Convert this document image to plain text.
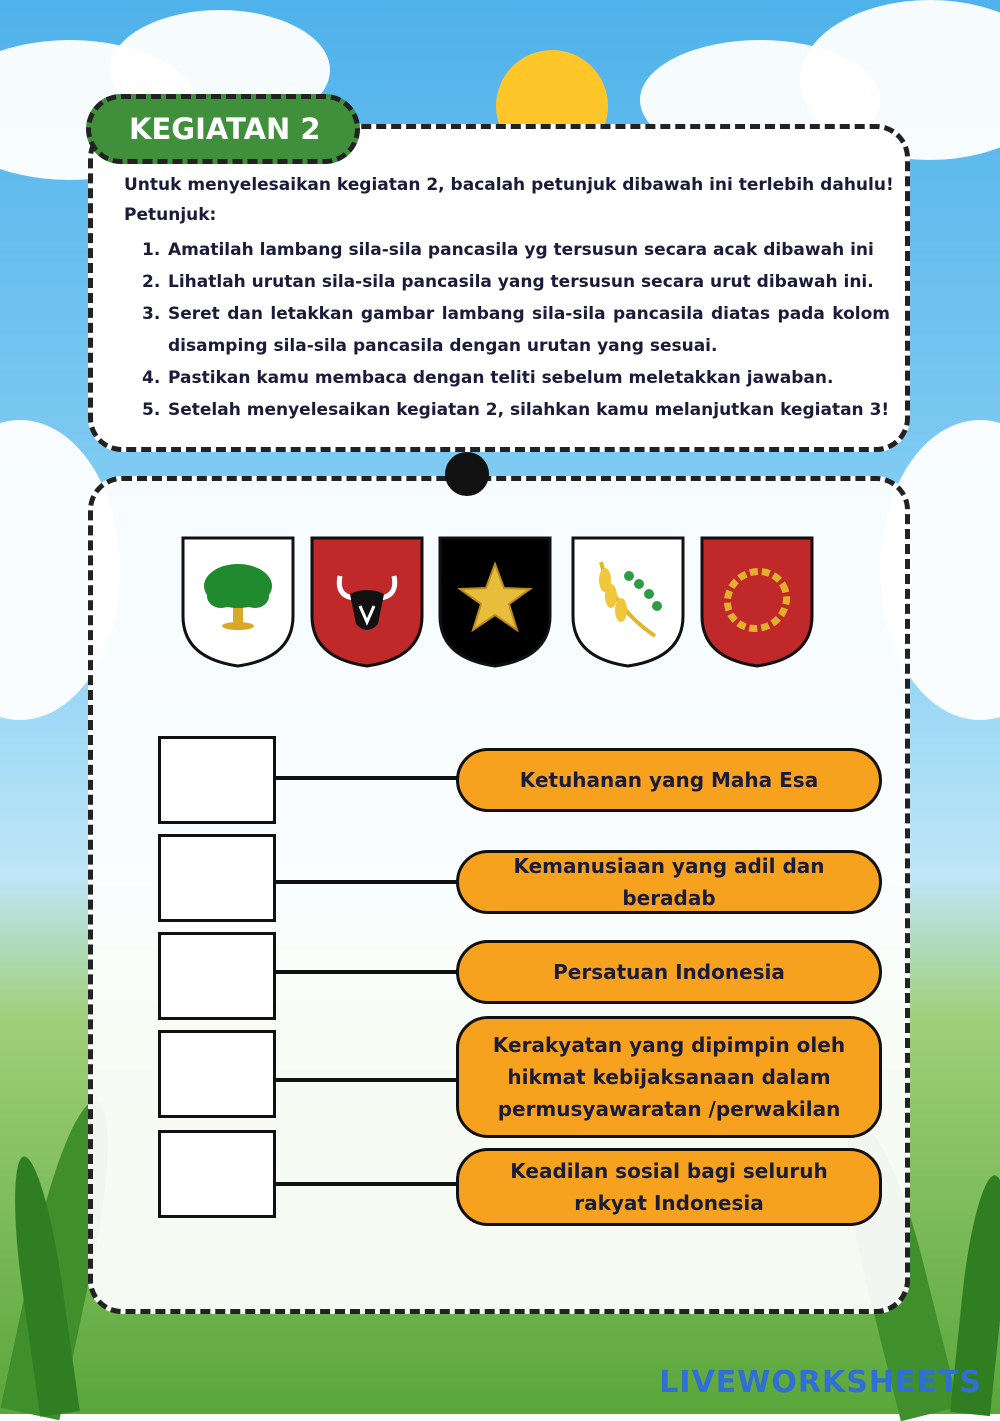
KEGIATAN 2

Untuk menyelesaikan kegiatan 2, bacalah petunjuk dibawah ini terlebih dahulu!

Petunjuk:

1. Amatilah lambang sila-sila pancasila yg tersusun secara acak dibawah ini
2. Lihatlah urutan sila-sila pancasila yang tersusun secara urut dibawah ini.
3. Seret dan letakkan gambar lambang sila-sila pancasila diatas pada kolom disamping sila-sila pancasila dengan urutan yang sesuai.
4. Pastikan kamu membaca dengan teliti sebelum meletakkan jawaban.
5. Setelah menyelesaikan kegiatan 2, silahkan kamu melanjutkan kegiatan 3!
Ketuhanan yang Maha Esa
Kemanusiaan yang adil dan beradab
Persatuan Indonesia
Kerakyatan yang dipimpin oleh hikmat kebijaksanaan dalam permusyawaratan /perwakilan
Keadilan sosial bagi seluruh rakyat Indonesia
LIVEWORKSHEETS
